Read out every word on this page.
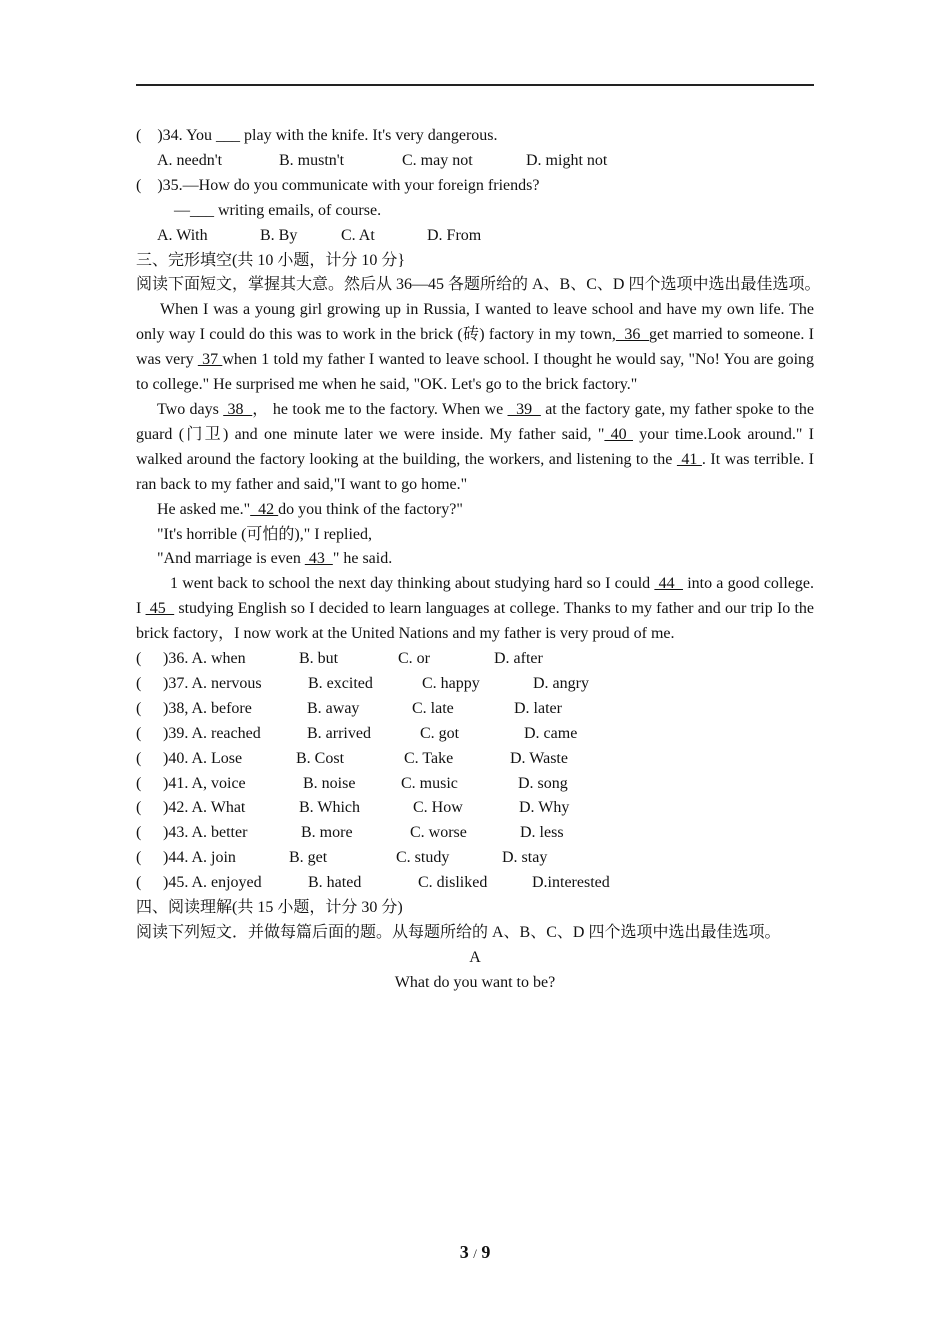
(    )34. You ___ play with the knife. It's very dangerous.
A. needn't	B. mustn't	C. may not	D. might not
(    )35.—How do you communicate with your foreign friends?
—___ writing emails, of course.
A. With	B. By	C. At	D. From
三、完形填空(共 10 小题，计分 10 分}
阅读下面短文，掌握其大意。然后从 36—45 各题所给的 A、B、C、D 四个选项中选出最佳选项。
When I was a young girl growing up in Russia, I wanted to leave school and have my own life. The only way I could do this was to work in the brick (砖) factory in my town,  36  get married to someone. I was very  37 when 1 told my father I wanted to leave school. I thought he would say, "No! You are going to college." He surprised me when he said, "OK. Let's go to the brick factory."
Two days  38  ， he took me to the factory. When we   39   at the factory gate, my father spoke to the guard (门卫) and one minute later we were inside. My father said, " 40  your time.Look around." I walked around the factory looking at the building, the workers, and listening to the  41 . It was terrible. I ran back to my father and said,"I want to go home."
He asked me."  42 do you think of the factory?"
"It's horrible (可怕的)," I replied,
"And marriage is even  43  " he said.
1 went back to school the next day thinking about studying hard so I could  44   into a good college. I  45   studying English so I decided to learn languages at college. Thanks to my father and our trip Io the brick factory，I now work at the United Nations and my father is very proud of me.
(	)36. A. when	B. but	C. or	D. after
(	)37. A. nervous	B. excited	C. happy	D. angry
(	)38, A. before	B. away	C. late	D. later
(	)39. A. reached	B. arrived	C. got	D. came
(	)40. A. Lose	B. Cost	C. Take	D. Waste
(	)41. A, voice	B. noise	C. music	D. song
(	)42. A. What	B. Which	C. How	D. Why
(	)43. A. better	B. more	C. worse	D. less
(	)44. A. join	B. get	C. study	D. stay
(	)45. A. enjoyed	B. hated	C. disliked	D.interested
四、阅读理解(共 15 小题，计分 30 分)
阅读下列短文．并做每篇后面的题。从每题所给的 A、B、C、D 四个选项中选出最佳选项。
A
What do you want to be?
3 / 9
